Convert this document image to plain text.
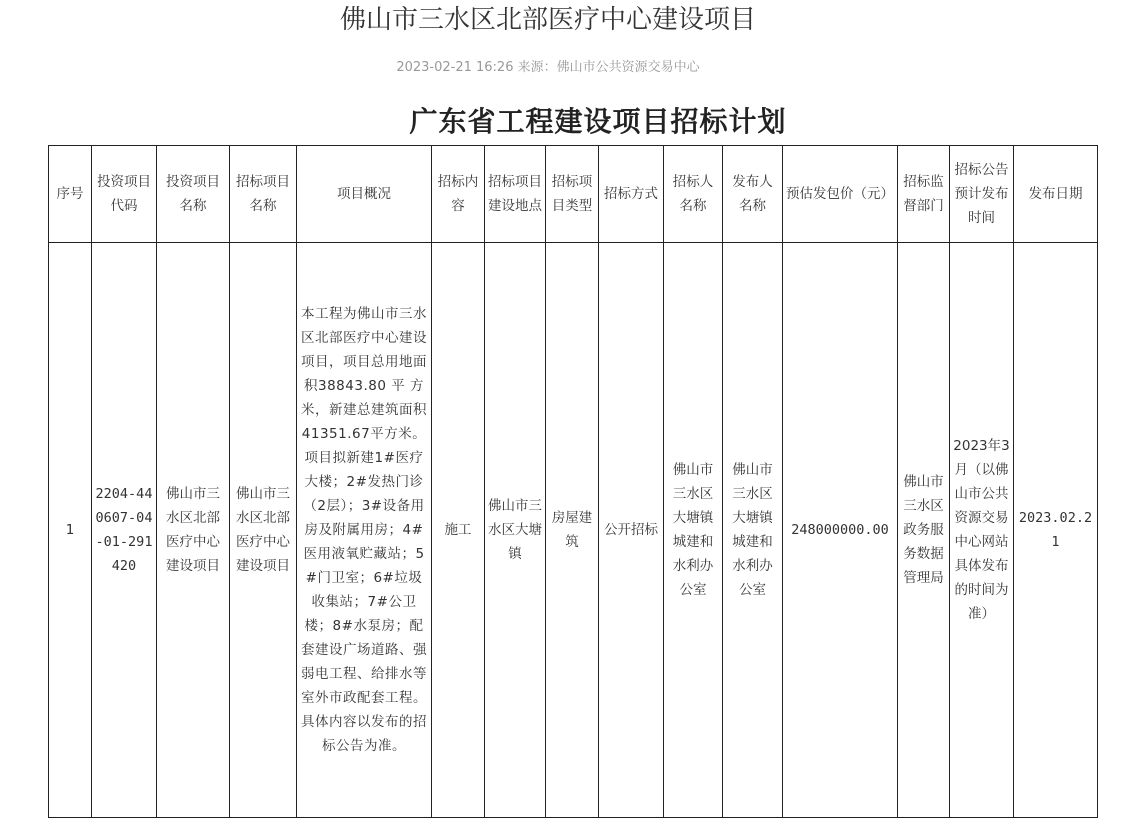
佛山市三水区北部医疗中心建设项目
2023-02-21 16:26 来源：佛山市公共资源交易中心
广东省工程建设项目招标计划
序号	投资项目代码	投资项目名称	招标项目名称	项目概况	招标内容	招标项目建设地点	招标项目类型	招标方式	招标人名称	发布人名称	预估发包价（元）	招标监督部门	招标公告预计发布时间	发布日期
1	2204-440607-04-01-291420	佛山市三水区北部医疗中心建设项目	佛山市三水区北部医疗中心建设项目	本工程为佛山市三水区北部医疗中心建设项目，项目总用地面积38843.80 平 方米，新建总建筑面积41351.67平方米。项目拟新建1#医疗大楼；2#发热门诊（2层）；3#设备用房及附属用房；4#医用液氧贮藏站；5#门卫室；6#垃圾收集站；7#公卫楼；8#水泵房；配套建设广场道路、强弱电工程、给排水等室外市政配套工程。具体内容以发布的招标公告为准。	施工	佛山市三水区大塘镇	房屋建筑	公开招标	佛山市三水区大塘镇城建和水利办公室	佛山市三水区大塘镇城建和水利办公室	248000000.00	佛山市三水区政务服务数据管理局	2023年3月（以佛山市公共资源交易中心网站具体发布的时间为准）	2023.02.21
